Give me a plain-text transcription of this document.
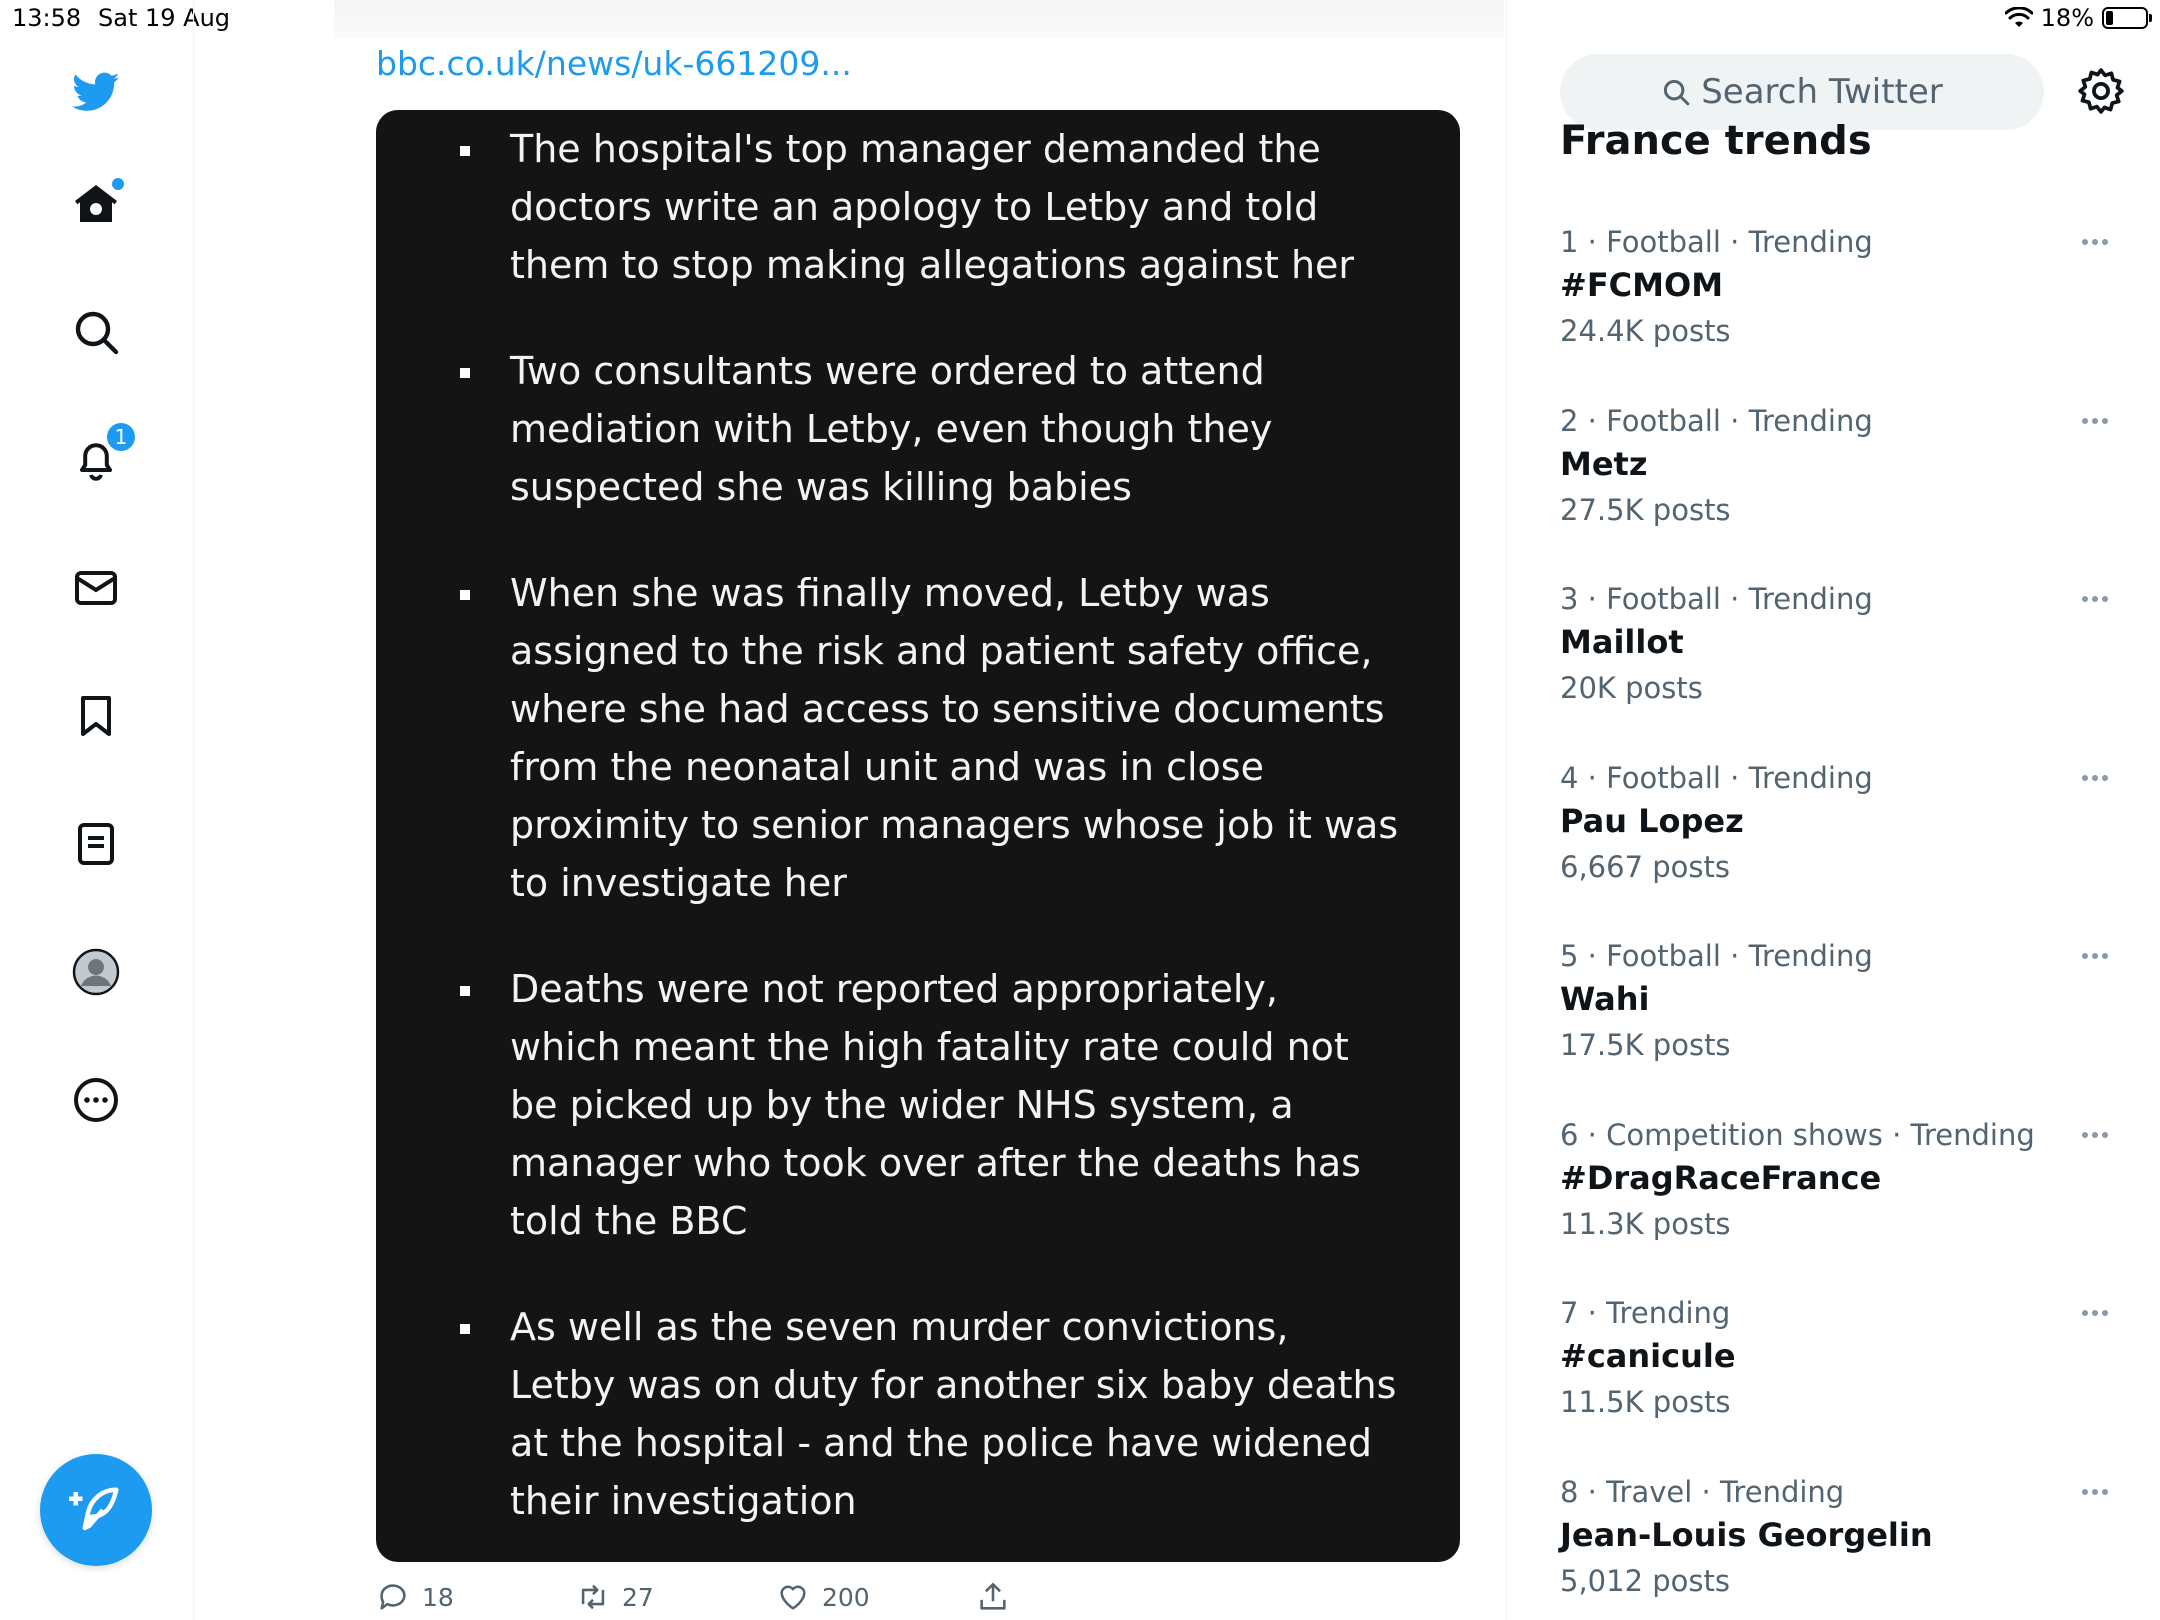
13:58 Sat 19 Aug	18%
1
bbc.co.uk/news/uk-661209...
The hospital's top manager demanded the doctors write an apology to Letby and told them to stop making allegations against her
Two consultants were ordered to attend mediation with Letby, even though they suspected she was killing babies
When she was finally moved, Letby was assigned to the risk and patient safety office, where she had access to sensitive documents from the neonatal unit and was in close proximity to senior managers whose job it was to investigate her
Deaths were not reported appropriately, which meant the high fatality rate could not be picked up by the wider NHS system, a manager who took over after the deaths has told the BBC
As well as the seven murder convictions, Letby was on duty for another six baby deaths at the hospital - and the police have widened their investigation
18	27	200
Search Twitter
France trends
1 · Football · Trending
#FCMOM
24.4K posts
2 · Football · Trending
Metz
27.5K posts
3 · Football · Trending
Maillot
20K posts
4 · Football · Trending
Pau Lopez
6,667 posts
5 · Football · Trending
Wahi
17.5K posts
6 · Competition shows · Trending
#DragRaceFrance
11.3K posts
7 · Trending
#canicule
11.5K posts
8 · Travel · Trending
Jean-Louis Georgelin
5,012 posts
